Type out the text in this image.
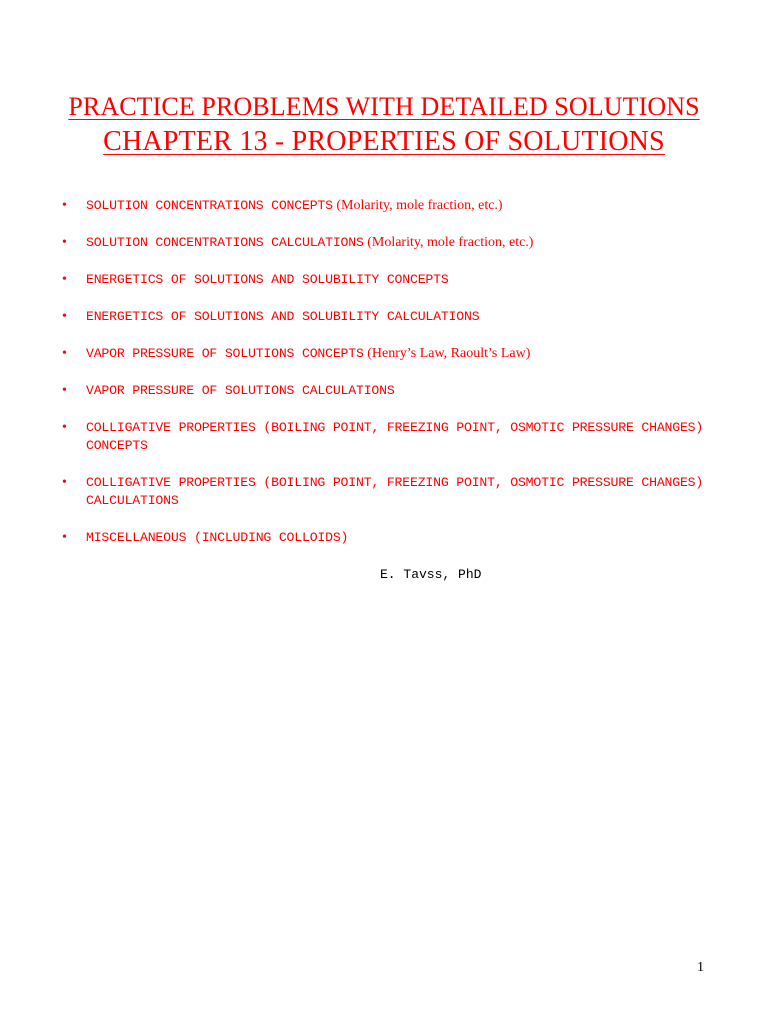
PRACTICE PROBLEMS WITH DETAILED SOLUTIONS
CHAPTER 13 - PROPERTIES OF SOLUTIONS
• SOLUTION CONCENTRATIONS CONCEPTS (Molarity, mole fraction, etc.)
• SOLUTION CONCENTRATIONS CALCULATIONS (Molarity, mole fraction, etc.)
• ENERGETICS OF SOLUTIONS AND SOLUBILITY CONCEPTS
• ENERGETICS OF SOLUTIONS AND SOLUBILITY CALCULATIONS
• VAPOR PRESSURE OF SOLUTIONS CONCEPTS (Henry’s Law, Raoult’s Law)
• VAPOR PRESSURE OF SOLUTIONS CALCULATIONS
• COLLIGATIVE PROPERTIES (BOILING POINT, FREEZING POINT, OSMOTIC PRESSURE CHANGES) CONCEPTS
• COLLIGATIVE PROPERTIES (BOILING POINT, FREEZING POINT, OSMOTIC PRESSURE CHANGES) CALCULATIONS
• MISCELLANEOUS (INCLUDING COLLOIDS)
E. Tavss, PhD
1
